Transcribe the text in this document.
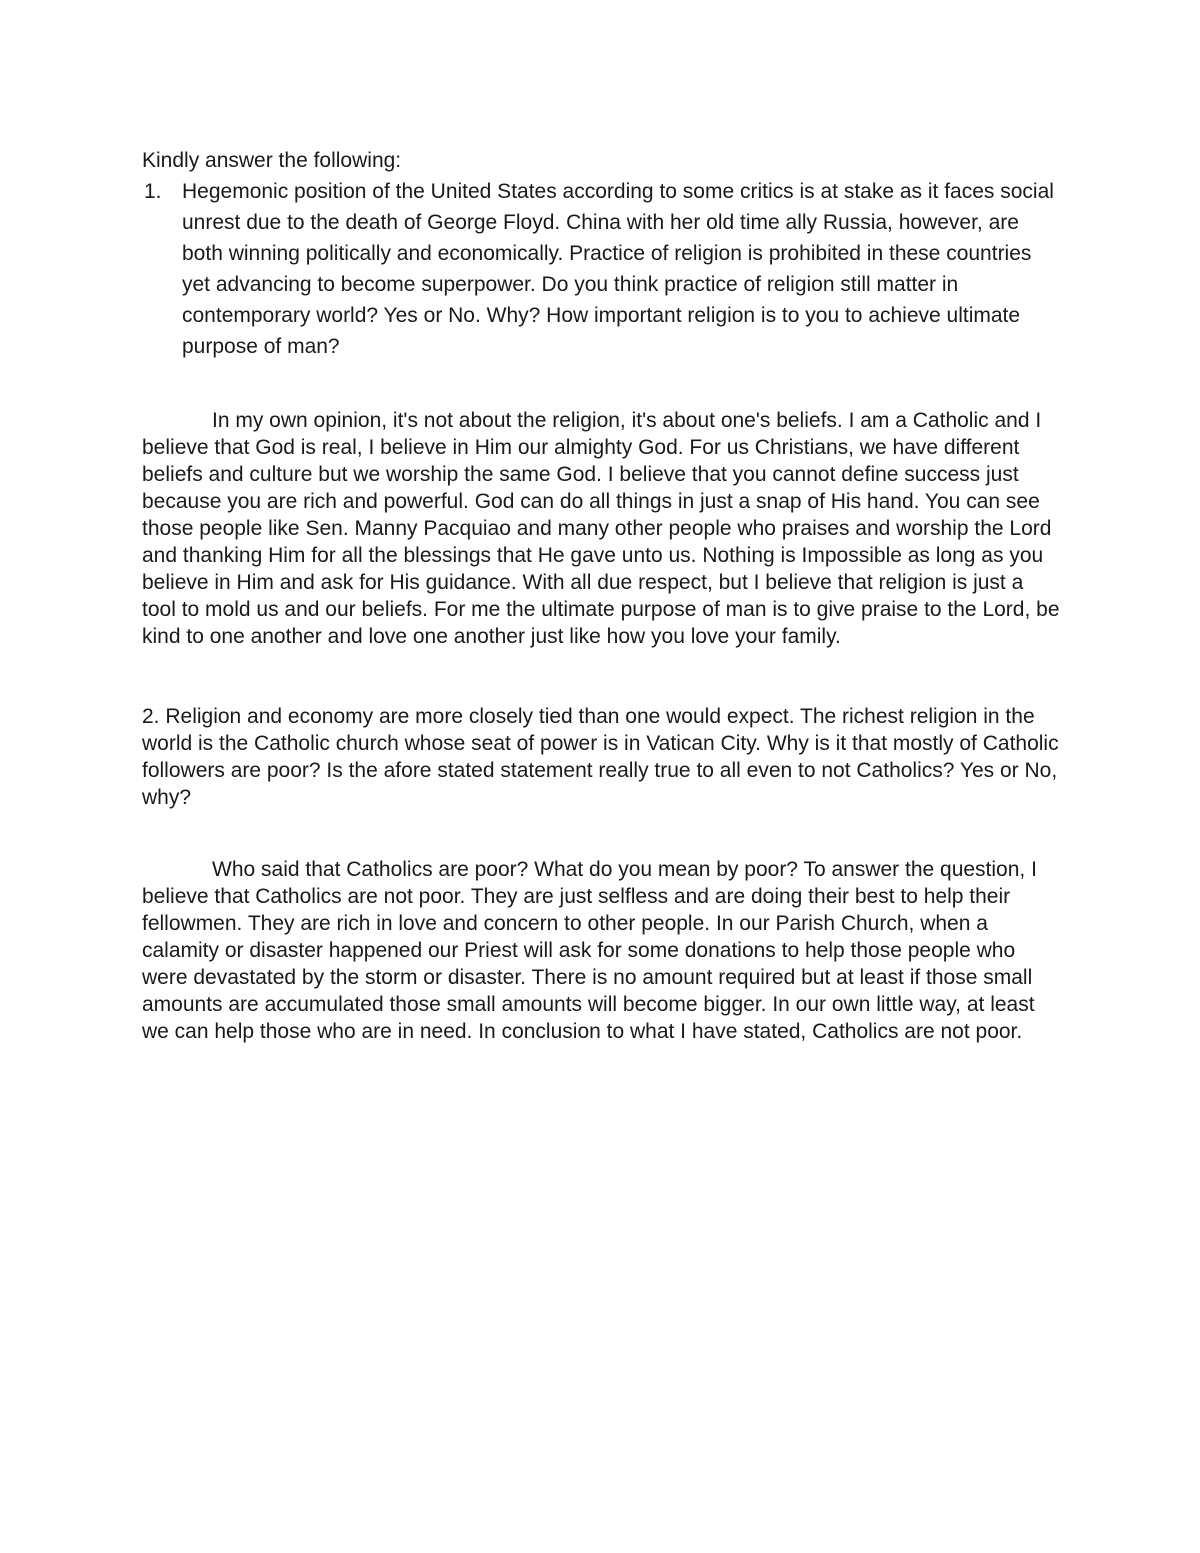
Kindly answer the following:

1. Hegemonic position of the United States according to some critics is at stake as it faces social unrest due to the death of George Floyd. China with her old time ally Russia, however, are both winning politically and economically. Practice of religion is prohibited in these countries yet advancing to become superpower. Do you think practice of religion still matter in contemporary world? Yes or No. Why? How important religion is to you to achieve ultimate purpose of man?

In my own opinion, it's not about the religion, it's about one's beliefs. I am a Catholic and I believe that God is real, I believe in Him our almighty God. For us Christians, we have different beliefs and culture but we worship the same God. I believe that you cannot define success just because you are rich and powerful. God can do all things in just a snap of His hand. You can see those people like Sen. Manny Pacquiao and many other people who praises and worship the Lord and thanking Him for all the blessings that He gave unto us. Nothing is Impossible as long as you believe in Him and ask for His guidance. With all due respect, but I believe that religion is just a tool to mold us and our beliefs. For me the ultimate purpose of man is to give praise to the Lord, be kind to one another and love one another just like how you love your family.

2. Religion and economy are more closely tied than one would expect. The richest religion in the world is the Catholic church whose seat of power is in Vatican City. Why is it that mostly of Catholic followers are poor? Is the afore stated statement really true to all even to not Catholics? Yes or No, why?

Who said that Catholics are poor? What do you mean by poor? To answer the question, I believe that Catholics are not poor. They are just selfless and are doing their best to help their fellowmen. They are rich in love and concern to other people. In our Parish Church, when a calamity or disaster happened our Priest will ask for some donations to help those people who were devastated by the storm or disaster. There is no amount required but at least if those small amounts are accumulated those small amounts will become bigger. In our own little way, at least we can help those who are in need. In conclusion to what I have stated, Catholics are not poor.
